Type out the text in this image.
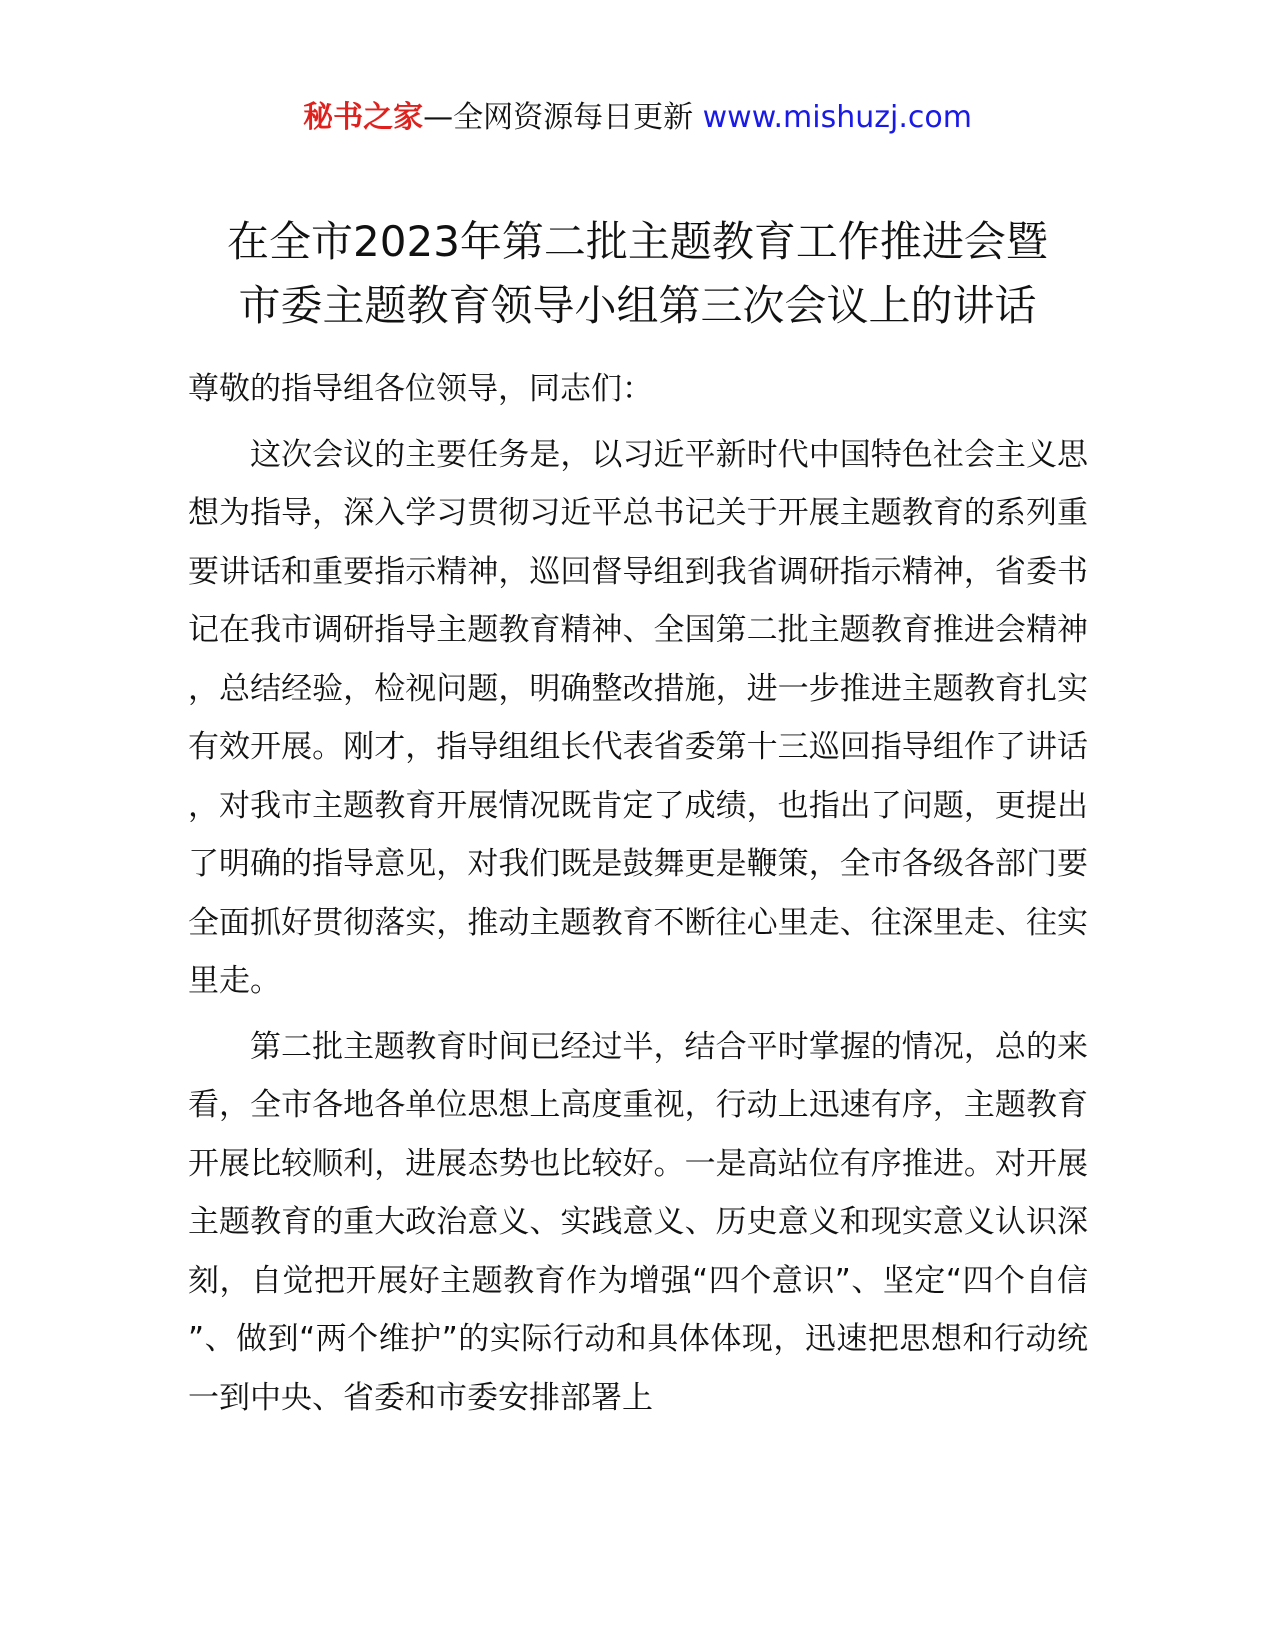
秘书之家—全网资源每日更新 www.mishuzj.com
在全市2023年第二批主题教育工作推进会暨
市委主题教育领导小组第三次会议上的讲话

尊敬的指导组各位领导，同志们：

这次会议的主要任务是，以习近平新时代中国特色社会主义思想为指导，深入学习贯彻习近平总书记关于开展主题教育的系列重要讲话和重要指示精神，巡回督导组到我省调研指示精神，省委书记在我市调研指导主题教育精神、全国第二批主题教育推进会精神，总结经验，检视问题，明确整改措施，进一步推进主题教育扎实有效开展。刚才，指导组组长代表省委第十三巡回指导组作了讲话，对我市主题教育开展情况既肯定了成绩，也指出了问题，更提出了明确的指导意见，对我们既是鼓舞更是鞭策，全市各级各部门要全面抓好贯彻落实，推动主题教育不断往心里走、往深里走、往实里走。

第二批主题教育时间已经过半，结合平时掌握的情况，总的来看，全市各地各单位思想上高度重视，行动上迅速有序，主题教育开展比较顺利，进展态势也比较好。一是高站位有序推进。对开展主题教育的重大政治意义、实践意义、历史意义和现实意义认识深刻，自觉把开展好主题教育作为增强“四个意识”、坚定“四个自信”、做到“两个维护”的实际行动和具体体现，迅速把思想和行动统一到中央、省委和市委安排部署上
